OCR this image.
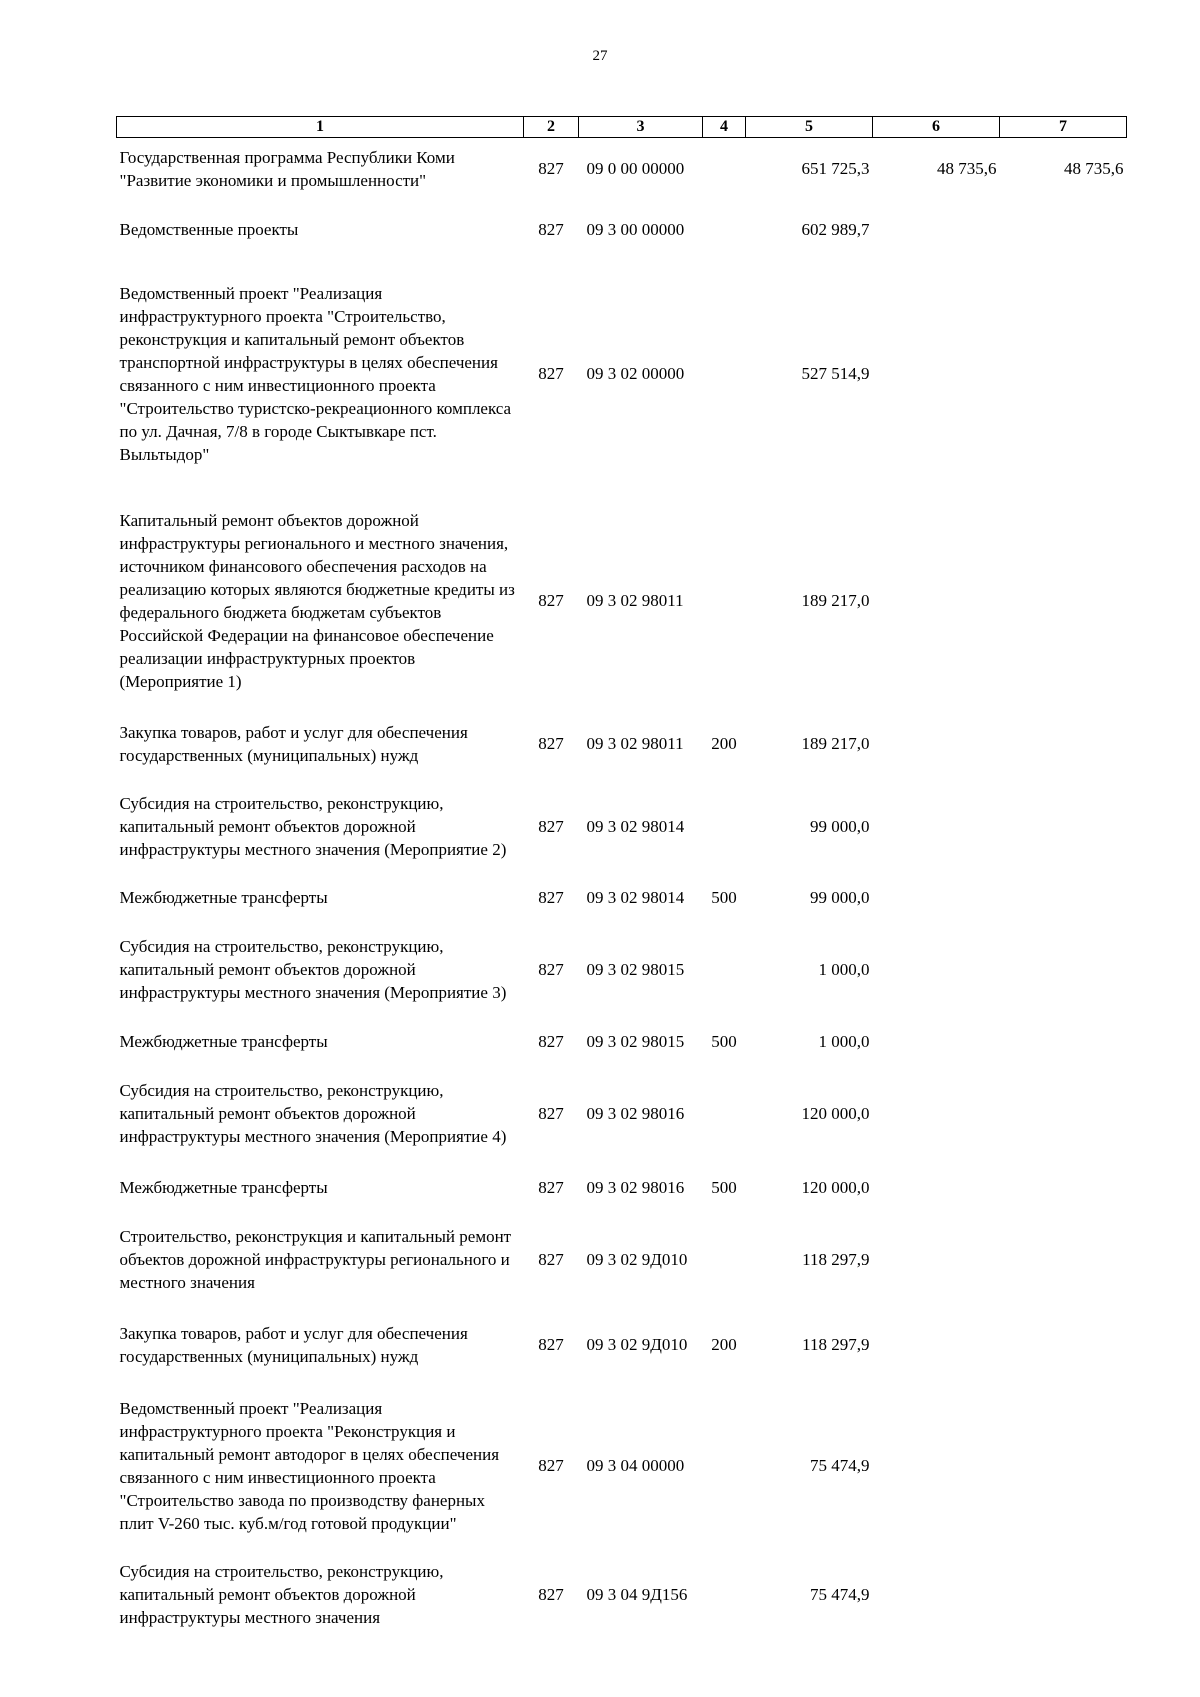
27
1	2	3	4	5	6	7
Государственная программа Республики Коми "Развитие экономики и промышленности"	827	09 0 00 00000		651 725,3	48 735,6	48 735,6
Ведомственные проекты	827	09 3 00 00000		602 989,7		
Ведомственный проект "Реализация инфраструктурного проекта "Строительство, реконструкция и капитальный ремонт объектов транспортной инфраструктуры в целях обеспечения связанного с ним инвестиционного проекта "Строительство туристско-рекреационного комплекса по ул. Дачная, 7/8 в городе Сыктывкаре пст. Выльтыдор"	827	09 3 02 00000		527 514,9		
Капитальный ремонт объектов дорожной инфраструктуры регионального и местного значения, источником финансового обеспечения расходов на реализацию которых являются бюджетные кредиты из федерального бюджета бюджетам субъектов Российской Федерации на финансовое обеспечение реализации инфраструктурных проектов (Мероприятие 1)	827	09 3 02 98011		189 217,0		
Закупка товаров, работ и услуг для обеспечения государственных (муниципальных) нужд	827	09 3 02 98011	200	189 217,0		
Субсидия на строительство, реконструкцию, капитальный ремонт объектов дорожной инфраструктуры местного значения (Мероприятие 2)	827	09 3 02 98014		99 000,0		
Межбюджетные трансферты	827	09 3 02 98014	500	99 000,0		
Субсидия на строительство, реконструкцию, капитальный ремонт объектов дорожной инфраструктуры местного значения (Мероприятие 3)	827	09 3 02 98015		1 000,0		
Межбюджетные трансферты	827	09 3 02 98015	500	1 000,0		
Субсидия на строительство, реконструкцию, капитальный ремонт объектов дорожной инфраструктуры местного значения (Мероприятие 4)	827	09 3 02 98016		120 000,0		
Межбюджетные трансферты	827	09 3 02 98016	500	120 000,0		
Строительство, реконструкция и капитальный ремонт объектов дорожной инфраструктуры регионального и местного значения	827	09 3 02 9Д010		118 297,9		
Закупка товаров, работ и услуг для обеспечения государственных (муниципальных) нужд	827	09 3 02 9Д010	200	118 297,9		
Ведомственный проект "Реализация инфраструктурного проекта "Реконструкция и капитальный ремонт автодорог в целях обеспечения связанного с ним инвестиционного проекта "Строительство завода по производству фанерных плит V-260 тыс. куб.м/год готовой продукции"	827	09 3 04 00000		75 474,9		
Субсидия на строительство, реконструкцию, капитальный ремонт объектов дорожной инфраструктуры местного значения	827	09 3 04 9Д156		75 474,9		
